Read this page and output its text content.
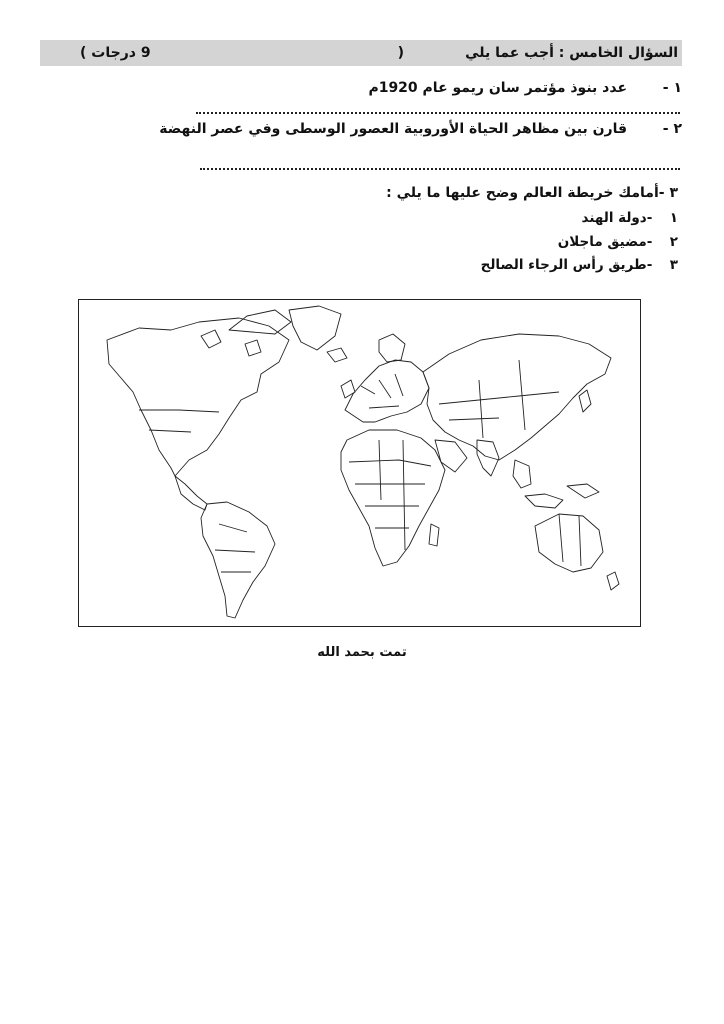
السؤال الخامس : أجب عما يلي
(
9 درجات )
١ -  عدد بنوذ مؤتمر سان ريمو عام 1920م
٢ -  قارن بين مظاهر الحياة الأوروبية العصور الوسطى وفي عصر النهضة
٣ -أمامك خريطة العالم وضح عليها ما يلي :
١  -دولة الهند
٢  -مضيق ماجلان
٣  -طريق رأس الرجاء الصالح
تمت بحمد الله
